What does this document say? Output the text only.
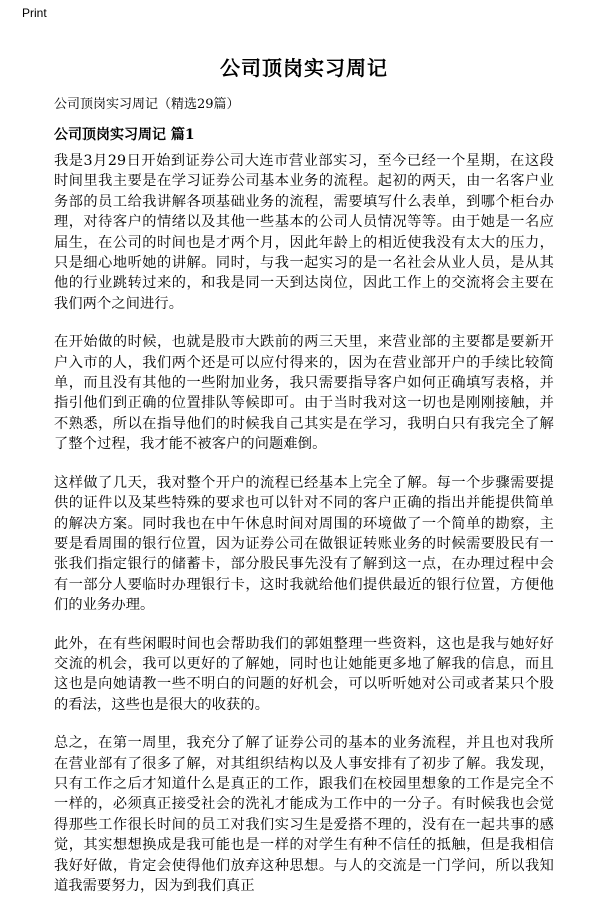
Print
公司顶岗实习周记
公司顶岗实习周记（精选29篇）
公司顶岗实习周记 篇1

我是3月29日开始到证券公司大连市营业部实习，至今已经一个星期，在这段时间里我主要是在学习证券公司基本业务的流程。起初的两天，由一名客户业务部的员工给我讲解各项基础业务的流程，需要填写什么表单，到哪个柜台办理，对待客户的情绪以及其他一些基本的公司人员情况等等。由于她是一名应届生，在公司的时间也是才两个月，因此年龄上的相近使我没有太大的压力，只是细心地听她的讲解。同时，与我一起实习的是一名社会从业人员，是从其他的行业跳转过来的，和我是同一天到达岗位，因此工作上的交流将会主要在我们两个之间进行。

在开始做的时候，也就是股市大跌前的两三天里，来营业部的主要都是要新开户入市的人，我们两个还是可以应付得来的，因为在营业部开户的手续比较简单，而且没有其他的一些附加业务，我只需要指导客户如何正确填写表格，并指引他们到正确的位置排队等候即可。由于当时我对这一切也是刚刚接触，并不熟悉，所以在指导他们的时候我自己其实是在学习，我明白只有我完全了解了整个过程，我才能不被客户的问题难倒。

这样做了几天，我对整个开户的流程已经基本上完全了解。每一个步骤需要提供的证件以及某些特殊的要求也可以针对不同的客户正确的指出并能提供简单的解决方案。同时我也在中午休息时间对周围的环境做了一个简单的勘察，主要是看周围的银行位置，因为证券公司在做银证转账业务的时候需要股民有一张我们指定银行的储蓄卡，部分股民事先没有了解到这一点，在办理过程中会有一部分人要临时办理银行卡，这时我就给他们提供最近的银行位置，方便他们的业务办理。

此外，在有些闲暇时间也会帮助我们的郭姐整理一些资料，这也是我与她好好交流的机会，我可以更好的了解她，同时也让她能更多地了解我的信息，而且这也是向她请教一些不明白的问题的好机会，可以听听她对公司或者某只个股的看法，这些也是很大的收获的。

总之，在第一周里，我充分了解了证券公司的基本的业务流程，并且也对我所在营业部有了很多了解，对其组织结构以及人事安排有了初步了解。我发现，只有工作之后才知道什么是真正的工作，跟我们在校园里想象的工作是完全不一样的，必须真正接受社会的洗礼才能成为工作中的一分子。有时候我也会觉得那些工作很长时间的员工对我们实习生是爱搭不理的，没有在一起共事的感觉，其实想想换成是我可能也是一样的对学生有种不信任的抵触，但是我相信我好好做，肯定会使得他们放弃这种思想。与人的交流是一门学问，所以我知道我需要努力，因为到我们真正
